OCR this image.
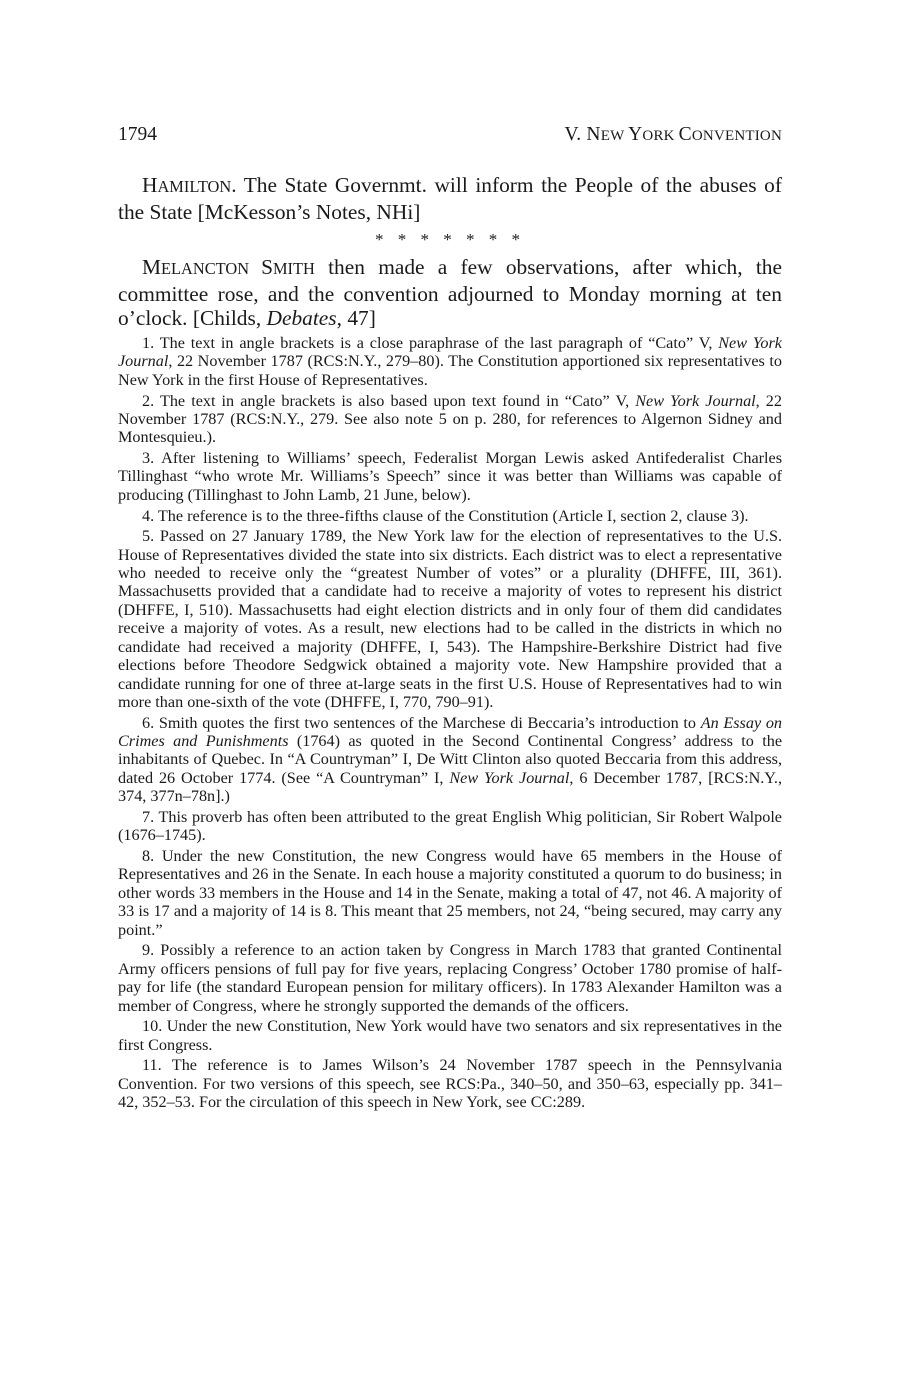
1794	V. NEW YORK CONVENTION
HAMILTON. The State Governmt. will inform the People of the abuses of the State [McKesson’s Notes, NHi]
* * * * * * *
MELANCTON SMITH then made a few observations, after which, the committee rose, and the convention adjourned to Monday morning at ten o’clock. [Childs, Debates, 47]

1. The text in angle brackets is a close paraphrase of the last paragraph of “Cato” V, New York Journal, 22 November 1787 (RCS:N.Y., 279–80). The Constitution apportioned six representatives to New York in the first House of Representatives.

2. The text in angle brackets is also based upon text found in “Cato” V, New York Journal, 22 November 1787 (RCS:N.Y., 279. See also note 5 on p. 280, for references to Algernon Sidney and Montesquieu.).

3. After listening to Williams’ speech, Federalist Morgan Lewis asked Antifederalist Charles Tillinghast “who wrote Mr. Williams’s Speech” since it was better than Williams was capable of producing (Tillinghast to John Lamb, 21 June, below).

4. The reference is to the three-fifths clause of the Constitution (Article I, section 2, clause 3).

5. Passed on 27 January 1789, the New York law for the election of representatives to the U.S. House of Representatives divided the state into six districts. Each district was to elect a representative who needed to receive only the “greatest Number of votes” or a plurality (DHFFE, III, 361). Massachusetts provided that a candidate had to receive a majority of votes to represent his district (DHFFE, I, 510). Massachusetts had eight election districts and in only four of them did candidates receive a majority of votes. As a result, new elections had to be called in the districts in which no candidate had received a majority (DHFFE, I, 543). The Hampshire-Berkshire District had five elections before Theodore Sedgwick obtained a majority vote. New Hampshire provided that a candidate running for one of three at-large seats in the first U.S. House of Representatives had to win more than one-sixth of the vote (DHFFE, I, 770, 790–91).

6. Smith quotes the first two sentences of the Marchese di Beccaria’s introduction to An Essay on Crimes and Punishments (1764) as quoted in the Second Continental Congress’ address to the inhabitants of Quebec. In “A Countryman” I, De Witt Clinton also quoted Beccaria from this address, dated 26 October 1774. (See “A Countryman” I, New York Journal, 6 December 1787, [RCS:N.Y., 374, 377n–78n].)

7. This proverb has often been attributed to the great English Whig politician, Sir Robert Walpole (1676–1745).

8. Under the new Constitution, the new Congress would have 65 members in the House of Representatives and 26 in the Senate. In each house a majority constituted a quorum to do business; in other words 33 members in the House and 14 in the Senate, making a total of 47, not 46. A majority of 33 is 17 and a majority of 14 is 8. This meant that 25 members, not 24, “being secured, may carry any point.”

9. Possibly a reference to an action taken by Congress in March 1783 that granted Continental Army officers pensions of full pay for five years, replacing Congress’ October 1780 promise of half-pay for life (the standard European pension for military officers). In 1783 Alexander Hamilton was a member of Congress, where he strongly supported the demands of the officers.

10. Under the new Constitution, New York would have two senators and six representatives in the first Congress.

11. The reference is to James Wilson’s 24 November 1787 speech in the Pennsylvania Convention. For two versions of this speech, see RCS:Pa., 340–50, and 350–63, especially pp. 341–42, 352–53. For the circulation of this speech in New York, see CC:289.
